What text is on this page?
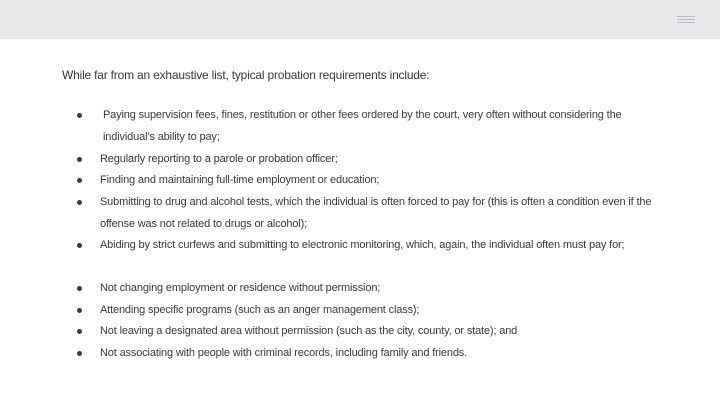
While far from an exhaustive list, typical probation requirements include:
Paying supervision fees, fines, restitution or other fees ordered by the court, very often without considering the individual’s ability to pay;
Regularly reporting to a parole or probation officer;
Finding and maintaining full-time employment or education;
Submitting to drug and alcohol tests, which the individual is often forced to pay for (this is often a condition even if the offense was not related to drugs or alcohol);
Abiding by strict curfews and submitting to electronic monitoring, which, again, the individual often must pay for;
Not changing employment or residence without permission;
Attending specific programs (such as an anger management class);
Not leaving a designated area without permission (such as the city, county, or state); and
Not associating with people with criminal records, including family and friends.
